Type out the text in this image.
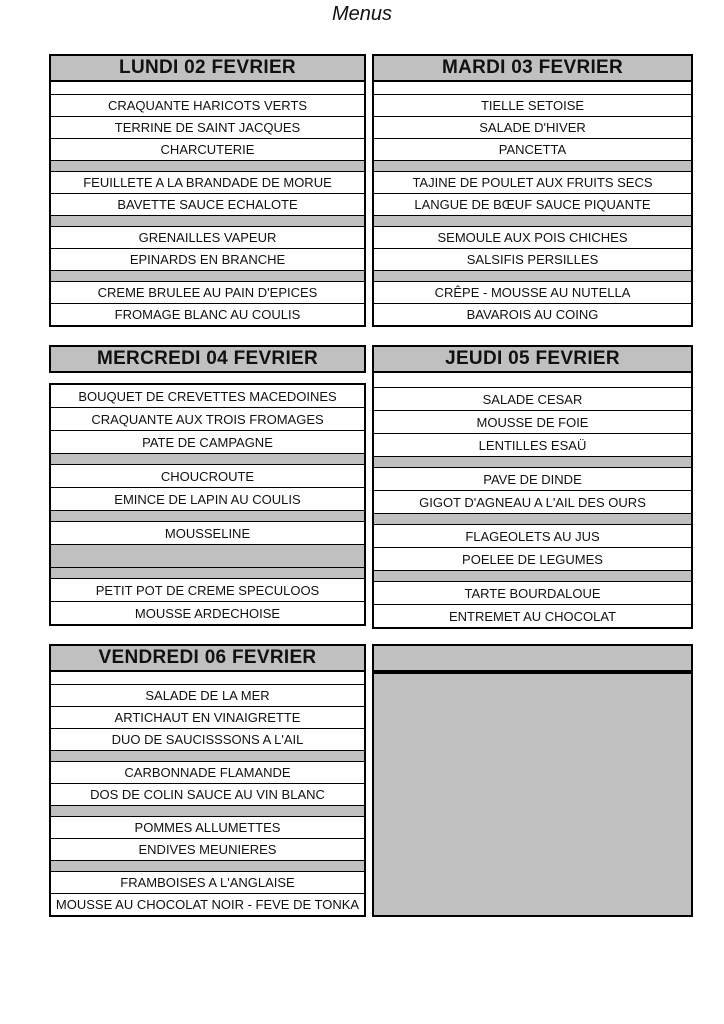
Menus
LUNDI 02 FEVRIER
CRAQUANTE HARICOTS VERTS
TERRINE DE SAINT JACQUES
CHARCUTERIE
FEUILLETE A LA BRANDADE DE MORUE
BAVETTE SAUCE ECHALOTE
GRENAILLES VAPEUR
EPINARDS EN BRANCHE
CREME BRULEE AU PAIN D'EPICES
FROMAGE BLANC AU COULIS
MARDI 03 FEVRIER
TIELLE SETOISE
SALADE D'HIVER
PANCETTA
TAJINE DE POULET AUX FRUITS SECS
LANGUE DE BŒUF SAUCE PIQUANTE
SEMOULE AUX POIS CHICHES
SALSIFIS PERSILLES
CRÊPE - MOUSSE AU NUTELLA
BAVAROIS AU COING
MERCREDI 04 FEVRIER
BOUQUET DE CREVETTES MACEDOINES
CRAQUANTE AUX TROIS FROMAGES
PATE DE CAMPAGNE
CHOUCROUTE
EMINCE DE LAPIN AU COULIS
MOUSSELINE
PETIT POT DE CREME SPECULOOS
MOUSSE ARDECHOISE
JEUDI 05 FEVRIER
SALADE CESAR
MOUSSE DE FOIE
LENTILLES ESAÜ
PAVE DE DINDE
GIGOT D'AGNEAU A L'AIL DES OURS
FLAGEOLETS AU JUS
POELEE DE LEGUMES
TARTE BOURDALOUE
ENTREMET AU CHOCOLAT
VENDREDI 06 FEVRIER
SALADE DE LA MER
ARTICHAUT EN VINAIGRETTE
DUO DE SAUCISSSONS A L'AIL
CARBONNADE FLAMANDE
DOS DE COLIN SAUCE AU VIN BLANC
POMMES ALLUMETTES
ENDIVES MEUNIERES
FRAMBOISES A L'ANGLAISE
MOUSSE AU CHOCOLAT NOIR - FEVE DE TONKA
